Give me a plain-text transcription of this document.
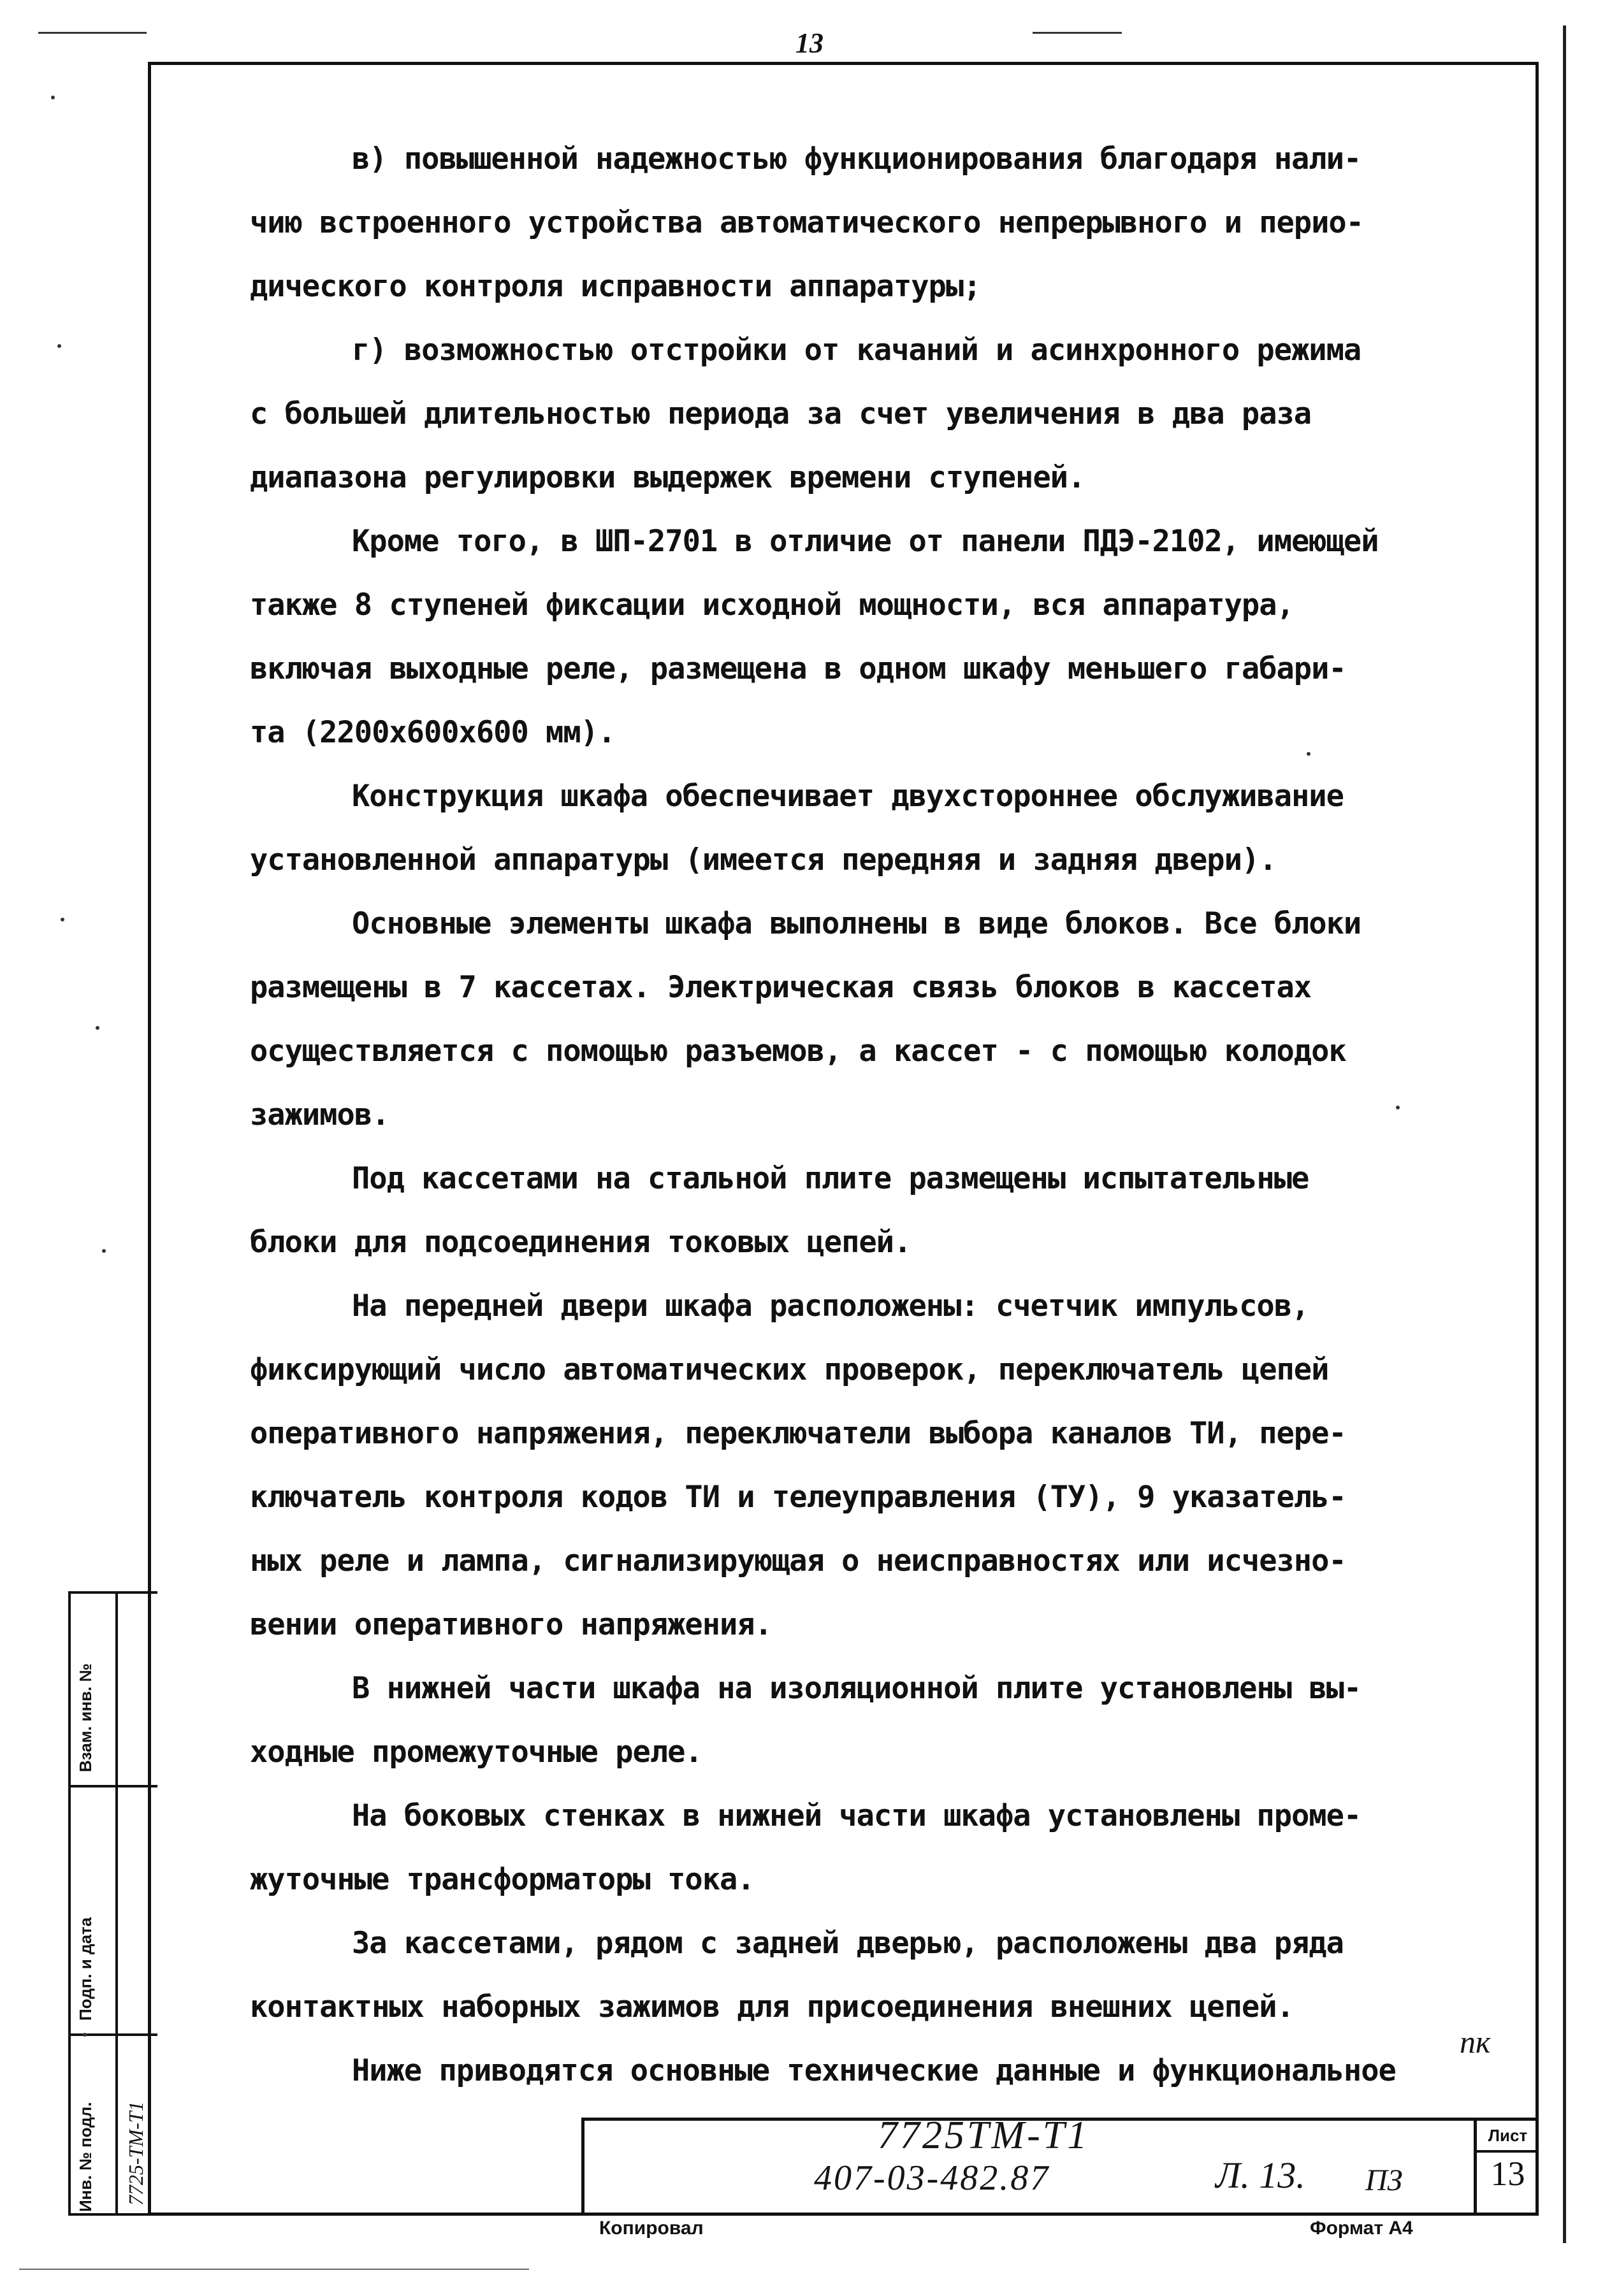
13

в) повышенной надежностью функционирования благодаря нали-

чию встроенного устройства автоматического непрерывного и перио-

дического контроля исправности аппаратуры;

г) возможностью отстройки от качаний и асинхронного режима

с большей длительностью периода за счет увеличения в два раза

диапазона регулировки выдержек времени ступеней.

Кроме того, в ШП-2701 в отличие от панели ПДЭ-2102, имеющей

также 8 ступеней фиксации исходной мощности, вся аппаратура,

включая выходные реле, размещена в одном шкафу меньшего габари-

та (2200х600х600 мм).

Конструкция шкафа обеспечивает двухстороннее обслуживание

установленной аппаратуры (имеется передняя и задняя двери).

Основные элементы шкафа выполнены в виде блоков. Все блоки

размещены в 7 кассетах. Электрическая связь блоков в кассетах

осуществляется с помощью разъемов, а кассет - с помощью колодок

зажимов.

Под кассетами на стальной плите размещены испытательные

блоки для подсоединения токовых цепей.

На передней двери шкафа расположены: счетчик импульсов,

фиксирующий число автоматических проверок, переключатель цепей

оперативного напряжения, переключатели выбора каналов ТИ, пере-

ключатель контроля кодов ТИ и телеуправления (ТУ), 9 указатель-

ных реле и лампа, сигнализирующая о неисправностях или исчезно-

вении оперативного напряжения.

В нижней части шкафа на изоляционной плите установлены вы-

ходные промежуточные реле.

На боковых стенках в нижней части шкафа установлены проме-

жуточные трансформаторы тока.

За кассетами, рядом с задней дверью, расположены два ряда

контактных наборных зажимов для присоединения внешних цепей.

Ниже приводятся основные технические данные и функциональное

пк
Взам. инв. №
Подп. и дата
Инв. № подл. 7725-ТМ-Т1	7725ТМ-Т1
407-03-482.87	Л. 13. ПЗ
Лист
13
Копировал	Формат А4
